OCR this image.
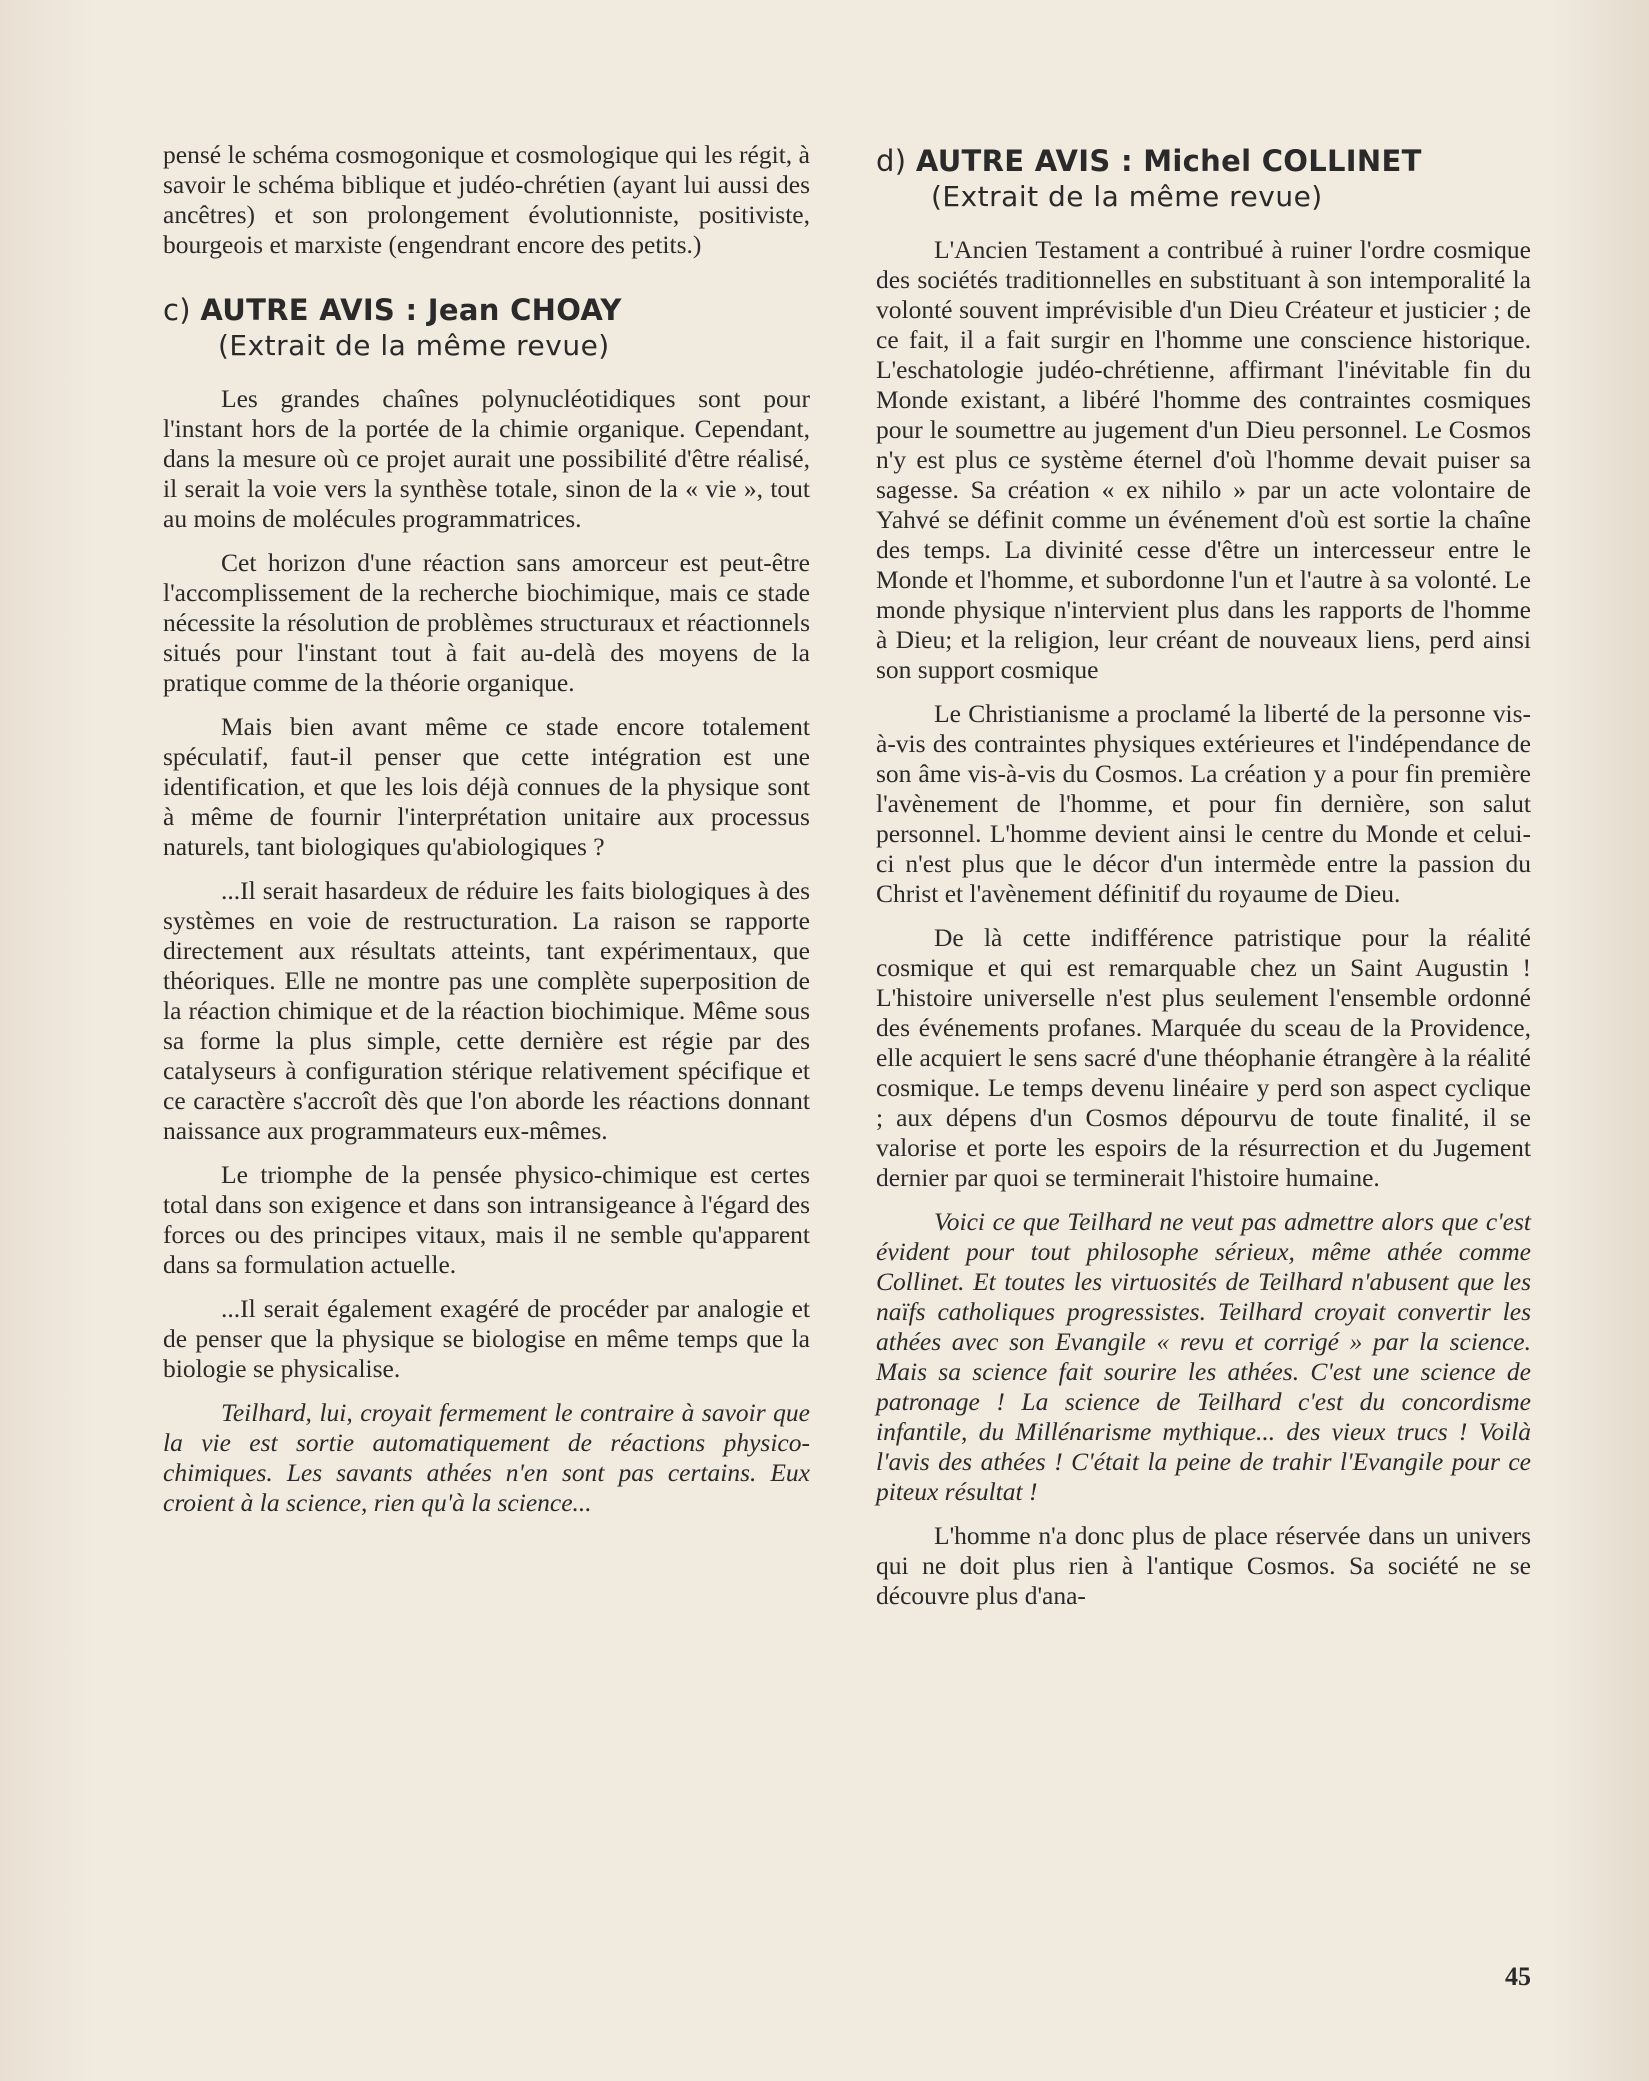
pensé le schéma cosmogonique et cosmologique qui les régit, à savoir le schéma biblique et judéo-chrétien (ayant lui aussi des ancêtres) et son prolongement évolutionniste, positiviste, bourgeois et marxiste (engendrant encore des petits.)

c) AUTRE AVIS : Jean CHOAY
(Extrait de la même revue)

Les grandes chaînes polynucléotidiques sont pour l'instant hors de la portée de la chimie organique. Cependant, dans la mesure où ce projet aurait une possibilité d'être réalisé, il serait la voie vers la synthèse totale, sinon de la « vie », tout au moins de molécules programmatrices.

Cet horizon d'une réaction sans amorceur est peut-être l'accomplissement de la recherche biochimique, mais ce stade nécessite la résolution de problèmes structuraux et réactionnels situés pour l'instant tout à fait au-delà des moyens de la pratique comme de la théorie organique.

Mais bien avant même ce stade encore totalement spéculatif, faut-il penser que cette intégration est une identification, et que les lois déjà connues de la physique sont à même de fournir l'interprétation unitaire aux processus naturels, tant biologiques qu'abiologiques ?

...Il serait hasardeux de réduire les faits biologiques à des systèmes en voie de restructuration. La raison se rapporte directement aux résultats atteints, tant expérimentaux, que théoriques. Elle ne montre pas une complète superposition de la réaction chimique et de la réaction biochimique. Même sous sa forme la plus simple, cette dernière est régie par des catalyseurs à configuration stérique relativement spécifique et ce caractère s'accroît dès que l'on aborde les réactions donnant naissance aux programmateurs eux-mêmes.

Le triomphe de la pensée physico-chimique est certes total dans son exigence et dans son intransigeance à l'égard des forces ou des principes vitaux, mais il ne semble qu'apparent dans sa formulation actuelle.

...Il serait également exagéré de procéder par analogie et de penser que la physique se biologise en même temps que la biologie se physicalise.

Teilhard, lui, croyait fermement le contraire à savoir que la vie est sortie automatiquement de réactions physico-chimiques. Les savants athées n'en sont pas certains. Eux croient à la science, rien qu'à la science...

d) AUTRE AVIS : Michel COLLINET
(Extrait de la même revue)

L'Ancien Testament a contribué à ruiner l'ordre cosmique des sociétés traditionnelles en substituant à son intemporalité la volonté souvent imprévisible d'un Dieu Créateur et justicier ; de ce fait, il a fait surgir en l'homme une conscience historique. L'eschatologie judéo-chrétienne, affirmant l'inévitable fin du Monde existant, a libéré l'homme des contraintes cosmiques pour le soumettre au jugement d'un Dieu personnel. Le Cosmos n'y est plus ce système éternel d'où l'homme devait puiser sa sagesse. Sa création « ex nihilo » par un acte volontaire de Yahvé se définit comme un événement d'où est sortie la chaîne des temps. La divinité cesse d'être un intercesseur entre le Monde et l'homme, et subordonne l'un et l'autre à sa volonté. Le monde physique n'intervient plus dans les rapports de l'homme à Dieu; et la religion, leur créant de nouveaux liens, perd ainsi son support cosmique

Le Christianisme a proclamé la liberté de la personne vis-à-vis des contraintes physiques extérieures et l'indépendance de son âme vis-à-vis du Cosmos. La création y a pour fin première l'avènement de l'homme, et pour fin dernière, son salut personnel. L'homme devient ainsi le centre du Monde et celui-ci n'est plus que le décor d'un intermède entre la passion du Christ et l'avènement définitif du royaume de Dieu.

De là cette indifférence patristique pour la réalité cosmique et qui est remarquable chez un Saint Augustin ! L'histoire universelle n'est plus seulement l'ensemble ordonné des événements profanes. Marquée du sceau de la Providence, elle acquiert le sens sacré d'une théophanie étrangère à la réalité cosmique. Le temps devenu linéaire y perd son aspect cyclique ; aux dépens d'un Cosmos dépourvu de toute finalité, il se valorise et porte les espoirs de la résurrection et du Jugement dernier par quoi se terminerait l'histoire humaine.

Voici ce que Teilhard ne veut pas admettre alors que c'est évident pour tout philosophe sérieux, même athée comme Collinet. Et toutes les virtuosités de Teilhard n'abusent que les naïfs catholiques progressistes. Teilhard croyait convertir les athées avec son Evangile « revu et corrigé » par la science. Mais sa science fait sourire les athées. C'est une science de patronage ! La science de Teilhard c'est du concordisme infantile, du Millénarisme mythique... des vieux trucs ! Voilà l'avis des athées ! C'était la peine de trahir l'Evangile pour ce piteux résultat !

L'homme n'a donc plus de place réservée dans un univers qui ne doit plus rien à l'antique Cosmos. Sa société ne se découvre plus d'ana-

45
